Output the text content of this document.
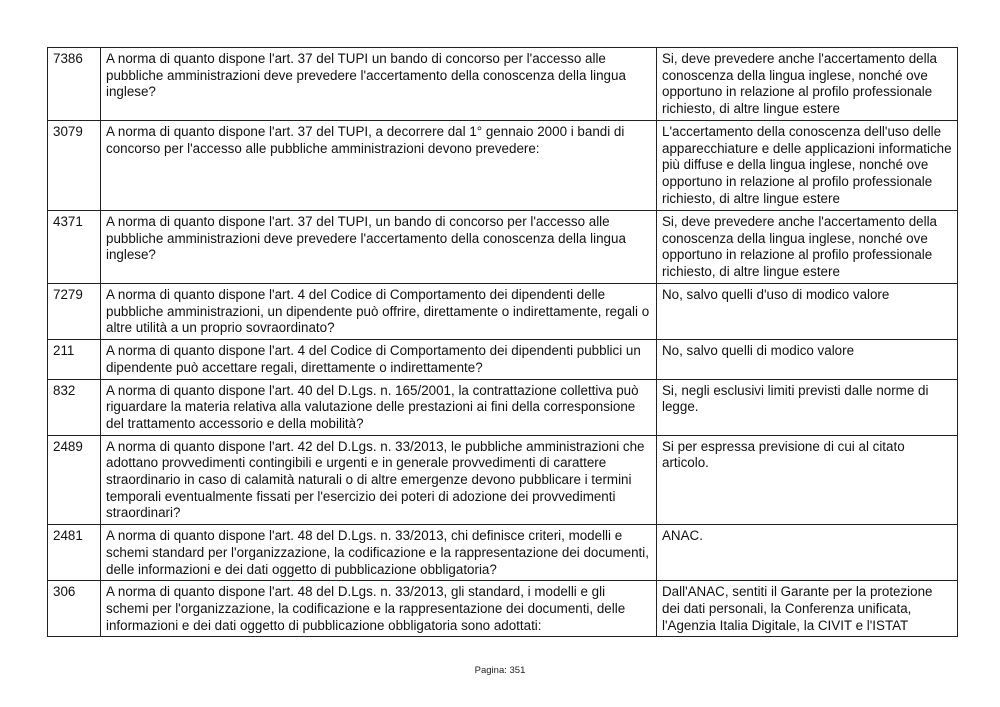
7386	A norma di quanto dispone l'art. 37 del TUPI un bando di concorso per l'accesso alle pubbliche amministrazioni deve prevedere l'accertamento della conoscenza della lingua inglese?	Si, deve prevedere anche l'accertamento della conoscenza della lingua inglese, nonché ove opportuno in relazione al profilo professionale richiesto, di altre lingue estere
3079	A norma di quanto dispone l'art. 37 del TUPI, a decorrere dal 1° gennaio 2000 i bandi di concorso per l'accesso alle pubbliche amministrazioni devono prevedere:	L'accertamento della conoscenza dell'uso delle apparecchiature e delle applicazioni informatiche più diffuse e della lingua inglese, nonché ove opportuno in relazione al profilo professionale richiesto, di altre lingue estere
4371	A norma di quanto dispone l'art. 37 del TUPI, un bando di concorso per l'accesso alle pubbliche amministrazioni deve prevedere l'accertamento della conoscenza della lingua inglese?	Si, deve prevedere anche l'accertamento della conoscenza della lingua inglese, nonché ove opportuno in relazione al profilo professionale richiesto, di altre lingue estere
7279	A norma di quanto dispone l'art. 4 del Codice di Comportamento dei dipendenti delle pubbliche amministrazioni, un dipendente può offrire, direttamente o indirettamente, regali o altre utilità a un proprio sovraordinato?	No, salvo quelli d'uso di modico valore
211	A norma di quanto dispone l'art. 4 del Codice di Comportamento dei dipendenti pubblici un dipendente può accettare regali, direttamente o indirettamente?	No, salvo quelli di modico valore
832	A norma di quanto dispone l'art. 40 del D.Lgs. n. 165/2001, la contrattazione collettiva può riguardare la materia relativa alla valutazione delle prestazioni ai fini della corresponsione del trattamento accessorio e della mobilità?	Si, negli esclusivi limiti previsti dalle norme di legge.
2489	A norma di quanto dispone l'art. 42 del D.Lgs. n. 33/2013, le pubbliche amministrazioni che adottano provvedimenti contingibili e urgenti e in generale provvedimenti di carattere straordinario in caso di calamità naturali o di altre emergenze devono pubblicare i termini temporali eventualmente fissati per l'esercizio dei poteri di adozione dei provvedimenti straordinari?	Si per espressa previsione di cui al citato articolo.
2481	A norma di quanto dispone l'art. 48 del D.Lgs. n. 33/2013, chi definisce criteri, modelli e schemi standard per l'organizzazione, la codificazione e la rappresentazione dei documenti, delle informazioni e dei dati oggetto di pubblicazione obbligatoria?	ANAC.
306	A norma di quanto dispone l'art. 48 del D.Lgs. n. 33/2013, gli standard, i modelli e gli schemi per l'organizzazione, la codificazione e la rappresentazione dei documenti, delle informazioni e dei dati oggetto di pubblicazione obbligatoria sono adottati:	Dall'ANAC, sentiti il Garante per la protezione dei dati personali, la Conferenza unificata, l'Agenzia Italia Digitale, la CIVIT e l'ISTAT
Pagina: 351
